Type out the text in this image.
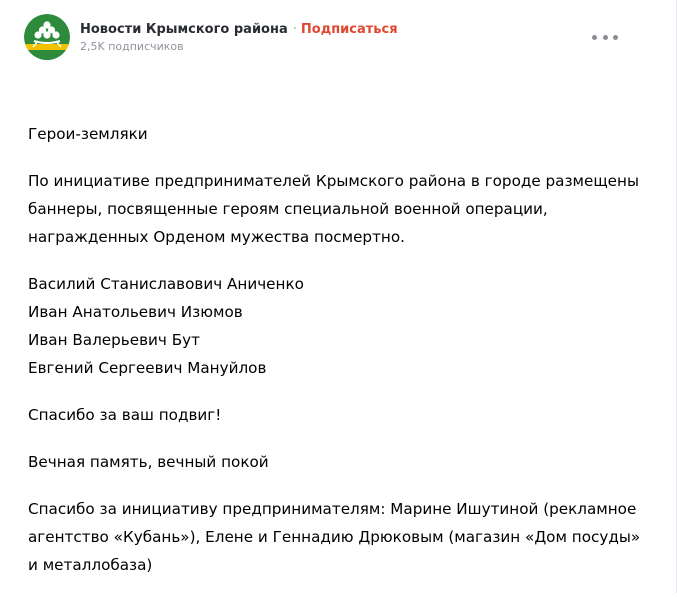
Новости Крымского района · Подписаться
2,5K подписчиков

Герои-земляки

По инициативе предпринимателей Крымского района в городе размещены
баннеры, посвященные героям специальной военной операции,
награжденных Орденом мужества посмертно.

Василий Станиславович Аниченко
Иван Анатольевич Изюмов
Иван Валерьевич Бут
Евгений Сергеевич Мануйлов

Спасибо за ваш подвиг!

Вечная память, вечный покой

Спасибо за инициативу предпринимателям: Марине Ишутиной (рекламное
агентство «Кубань»), Елене и Геннадию Дрюковым (магазин «Дом посуды»
и металлобаза)
